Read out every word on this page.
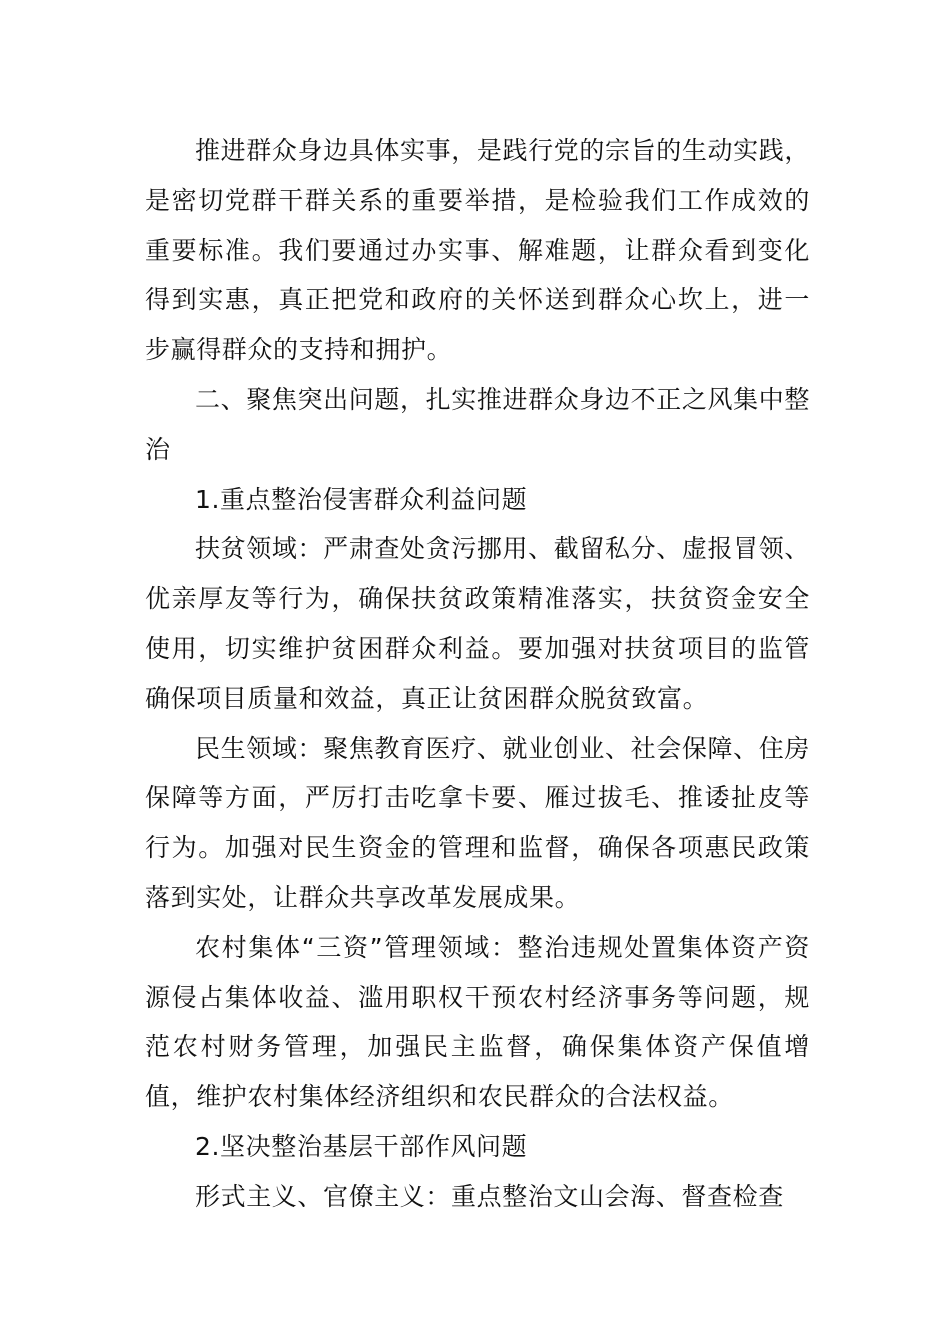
推进群众身边具体实事，是践行党的宗旨的生动实践，是密切党群干群关系的重要举措，是检验我们工作成效的重要标准。我们要通过办实事、解难题，让群众看到变化得到实惠，真正把党和政府的关怀送到群众心坎上，进一步赢得群众的支持和拥护。

二、聚焦突出问题，扎实推进群众身边不正之风集中整治

1.重点整治侵害群众利益问题

扶贫领域：严肃查处贪污挪用、截留私分、虚报冒领、优亲厚友等行为，确保扶贫政策精准落实，扶贫资金安全使用，切实维护贫困群众利益。要加强对扶贫项目的监管确保项目质量和效益，真正让贫困群众脱贫致富。

民生领域：聚焦教育医疗、就业创业、社会保障、住房保障等方面，严厉打击吃拿卡要、雁过拔毛、推诿扯皮等行为。加强对民生资金的管理和监督，确保各项惠民政策落到实处，让群众共享改革发展成果。

农村集体“三资”管理领域：整治违规处置集体资产资源侵占集体收益、滥用职权干预农村经济事务等问题，规范农村财务管理，加强民主监督，确保集体资产保值增值，维护农村集体经济组织和农民群众的合法权益。

2.坚决整治基层干部作风问题

形式主义、官僚主义：重点整治文山会海、督查检查
